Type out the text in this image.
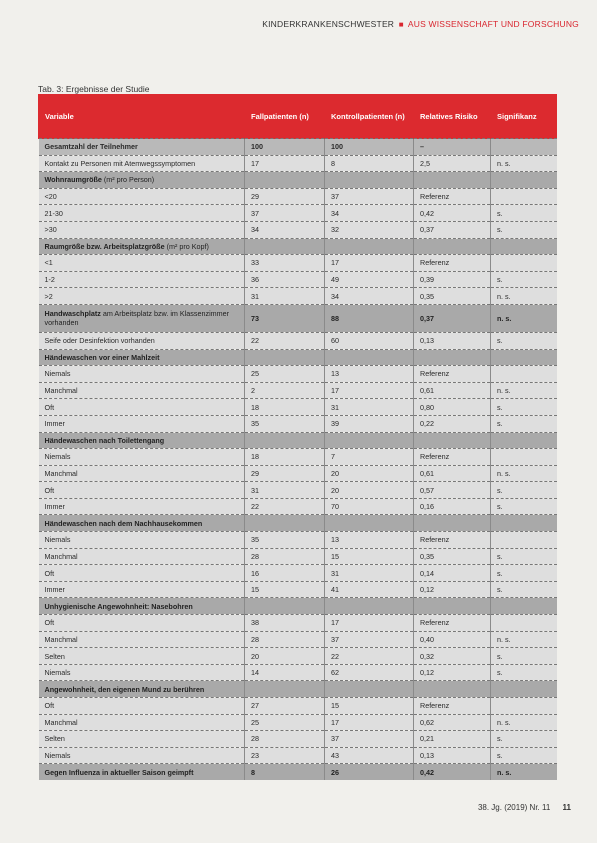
KINDERKRANKENSCHWESTER ■ AUS WISSENSCHAFT UND FORSCHUNG
Tab. 3: Ergebnisse der Studie
Variable	Fallpatienten (n)	Kontrollpatienten (n)	Relatives Risiko	Signifikanz
Gesamtzahl der Teilnehmer	100	100	–	
Kontakt zu Personen mit Atemwegssymptomen	17	8	2,5	n. s.
Wohnraumgröße (m² pro Person)				
<20	29	37	Referenz	
21-30	37	34	0,42	s.
>30	34	32	0,37	s.
Raumgröße bzw. Arbeitsplatzgröße (m² pro Kopf)				
<1	33	17	Referenz	
1-2	36	49	0,39	s.
>2	31	34	0,35	n. s.
Handwaschplatz am Arbeitsplatz bzw. im Klassenzimmer vorhanden	73	88	0,37	n. s.
Seife oder Desinfektion vorhanden	22	60	0,13	s.
Händewaschen vor einer Mahlzeit				
Niemals	25	13	Referenz	
Manchmal	2	17	0,61	n. s.
Oft	18	31	0,80	s.
Immer	35	39	0,22	s.
Händewaschen nach Toilettengang				
Niemals	18	7	Referenz	
Manchmal	29	20	0,61	n. s.
Oft	31	20	0,57	s.
Immer	22	70	0,16	s.
Händewaschen nach dem Nachhausekommen				
Niemals	35	13	Referenz	
Manchmal	28	15	0,35	s.
Oft	16	31	0,14	s.
Immer	15	41	0,12	s.
Unhygienische Angewohnheit: Nasebohren				
Oft	38	17	Referenz	
Manchmal	28	37	0,40	n. s.
Selten	20	22	0,32	s.
Niemals	14	62	0,12	s.
Angewohnheit, den eigenen Mund zu berühren				
Oft	27	15	Referenz	
Manchmal	25	17	0,62	n. s.
Selten	28	37	0,21	s.
Niemals	23	43	0,13	s.
Gegen Influenza in aktueller Saison geimpft	8	26	0,42	n. s.
38. Jg. (2019) Nr. 11 11
